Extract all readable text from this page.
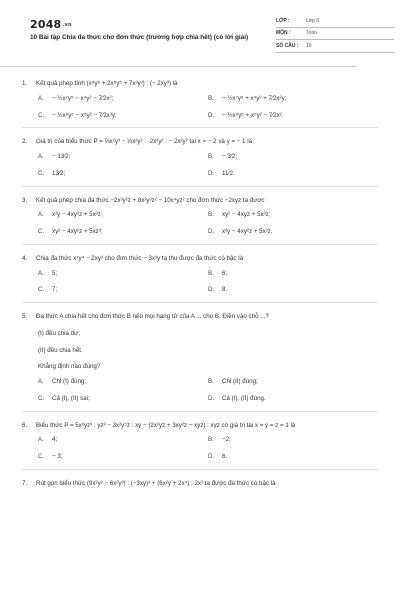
2048.vn
10 Bài tập Chia đa thức cho đơn thức (trường hợp chia hết) (có lời giải)
LỚP :	Lớp 8
MÔN :	Toán
SỐ CÂU :	10
1.	Kết quả phép tính (x⁸y⁸ + 2x⁵y⁵ + 7x³y³) : (− 2xy³) là
A.	− ½x⁷y⁵ − x⁴y² − 7⁄2x²;	B.	− ½x⁷y⁵ + x⁴y² + 7⁄2x²y;
C.	− ½x⁸y⁵ − x⁵y² − 7⁄2x³y;	D.	− ½x⁸y⁵ + x⁵y² − 7⁄2x².
2.	Giá trị của biểu thức P = ⅓x²y³ − ⅓x²y² : ·2x²y² : − 2x²y² tại x = − 2 và y = − 1 là
A.	− 13⁄2;	B.	− 3⁄2;
C.	13⁄2;	D.	11⁄2.
3.	Kết quả phép chia đa thức −2x³y²z + 8x²y³z² − 10x⁴yz² cho đơn thức −2xyz ta được
A.	x²y − 4xy²z + 5x³z;	B.	xy² − 4xyz + 5x³z;
C.	xy² − 4xy²z + 5xz³;	D.	x²y − 4xy²z + 5x³z.
4.	Chia đa thức x⁷y⁴ − 2xy³ cho đơn thức − 3x³y ta thu được đa thức có bậc là
A.	5;	B.	6;
C.	7;	D.	8.
5.	Đa thức A chia hết cho đơn thức B nếu mọi hạng tử của A ... cho B. Điền vào chỗ ...?
(I) đều chia dư;
(II) đều chia hết.
Khẳng định nào đúng?
A.	Chỉ (I) đúng;	B.	Chỉ (II) đúng;
C.	Cả (I), (II) sai;	D.	Cả (I), (II) đúng.
6.	Biểu thức P = 5x²yz³ : yz² − 3x²y⁵z : xy − (2x²yz + 3xy²z − xyz) : xyz có giá trị tại x = y = z = 1 là
A.	4;	B.	−2;
C.	− 3;	D.	6.
7.	Rút gọn biểu thức (9x²y² − 6x²y³) : (−3xy)² + (6x²y + 2x⁴) : 2x² ta được đa thức có bậc là
